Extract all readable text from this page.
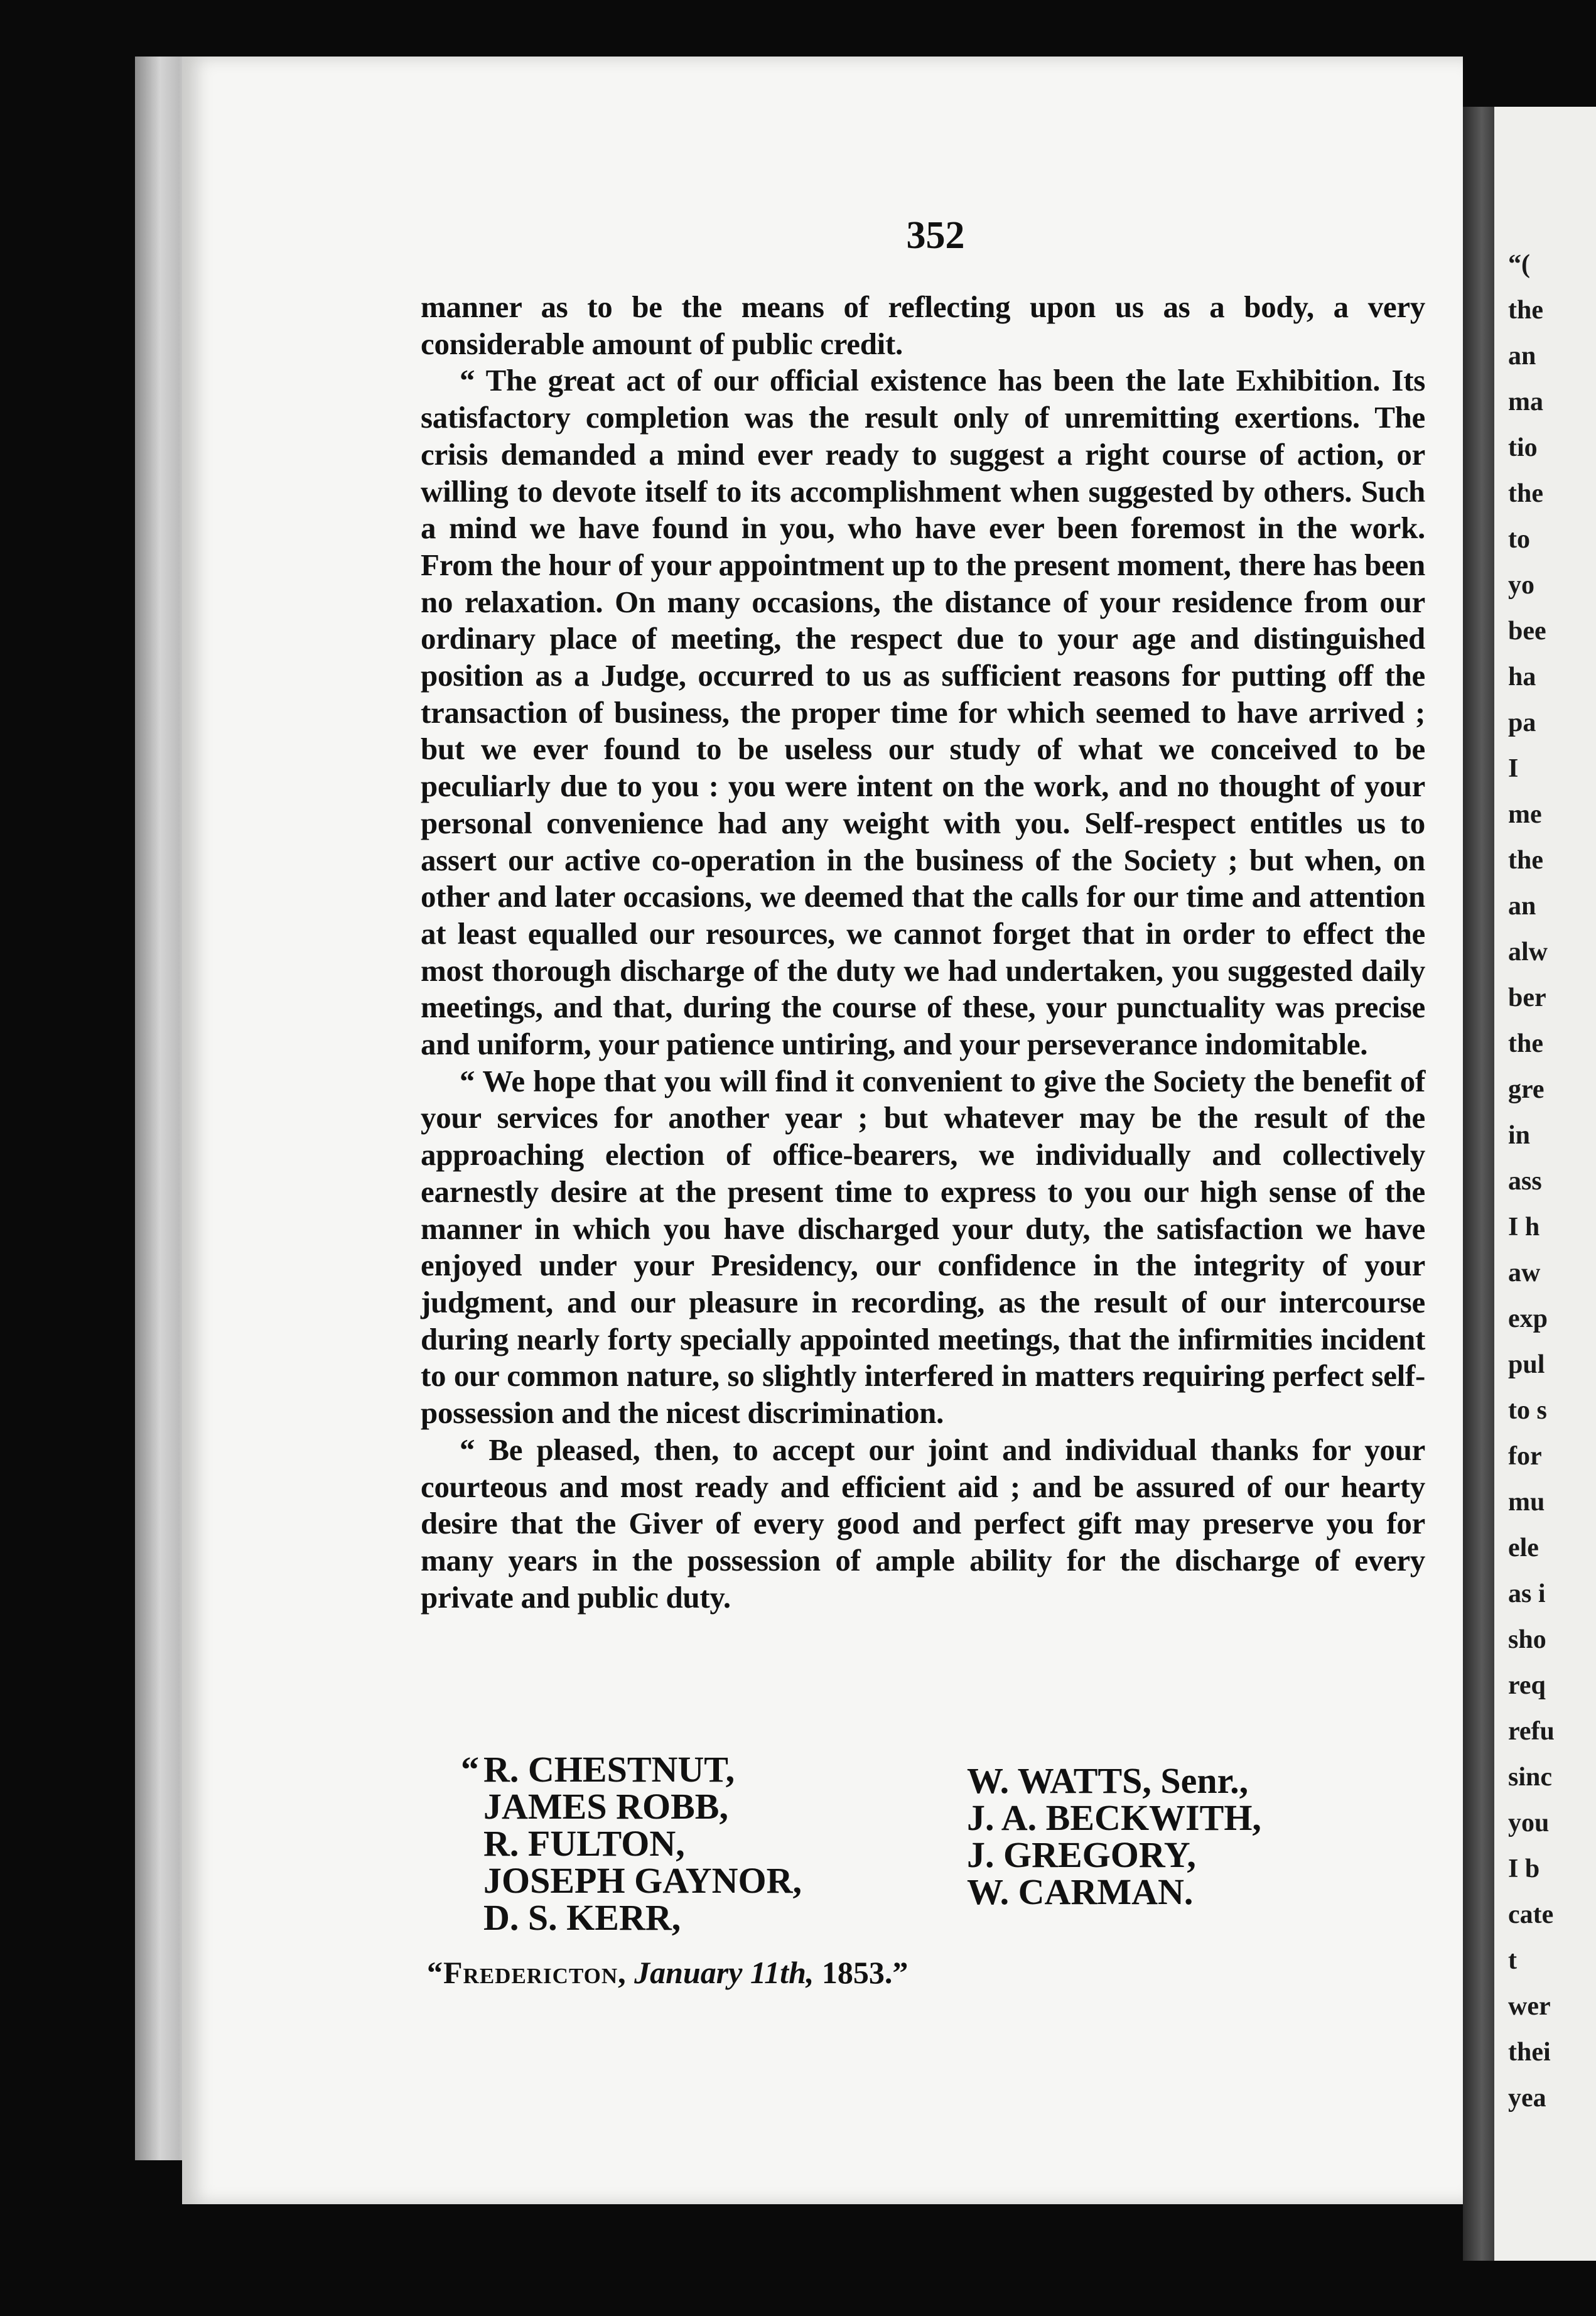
“(
the
an
ma
tio
the
to
yo
bee
ha
pa
I
me
the
an
alw
ber
the
gre
in
ass
I h
aw
exp
pul
to s
for
mu
ele
as i
sho
req
refu
sinc
you
I b
cate
t
wer
thei
yea
352

manner as to be the means of reflecting upon us as a body, a very considerable amount of public credit.

“ The great act of our official existence has been the late Exhibition. Its satisfactory completion was the result only of unremitting exertions. The crisis demanded a mind ever ready to suggest a right course of action, or willing to devote itself to its accomplishment when suggested by others. Such a mind we have found in you, who have ever been foremost in the work. From the hour of your appointment up to the present moment, there has been no relaxation. On many occasions, the distance of your residence from our ordinary place of meeting, the respect due to your age and distinguished position as a Judge, occurred to us as sufficient reasons for putting off the transaction of business, the proper time for which seemed to have arrived ; but we ever found to be useless our study of what we conceived to be peculiarly due to you : you were intent on the work, and no thought of your personal convenience had any weight with you. Self-respect entitles us to assert our active co-operation in the business of the Society ; but when, on other and later occasions, we deemed that the calls for our time and attention at least equalled our resources, we cannot forget that in order to effect the most thorough discharge of the duty we had undertaken, you suggested daily meetings, and that, during the course of these, your punctuality was precise and uniform, your patience untiring, and your perseverance indomitable.

“ We hope that you will find it convenient to give the Society the benefit of your services for another year ; but whatever may be the result of the approaching election of office-bearers, we individually and collectively earnestly desire at the present time to express to you our high sense of the manner in which you have discharged your duty, the satisfaction we have enjoyed under your Presidency, our confidence in the integrity of your judgment, and our pleasure in recording, as the result of our intercourse during nearly forty specially appointed meetings, that the infirmities incident to our common nature, so slightly interfered in matters requiring perfect self-possession and the nicest discrimination.

“ Be pleased, then, to accept our joint and individual thanks for your courteous and most ready and efficient aid ; and be assured of our hearty desire that the Giver of every good and perfect gift may preserve you for many years in the possession of ample ability for the discharge of every private and public duty.

“ R. CHESTNUT,
JAMES ROBB,
R. FULTON,
JOSEPH GAYNOR,
D. S. KERR,
W. WATTS, Senr.,
J. A. BECKWITH,
J. GREGORY,
W. CARMAN.
“Fredericton, January 11th, 1853.”
